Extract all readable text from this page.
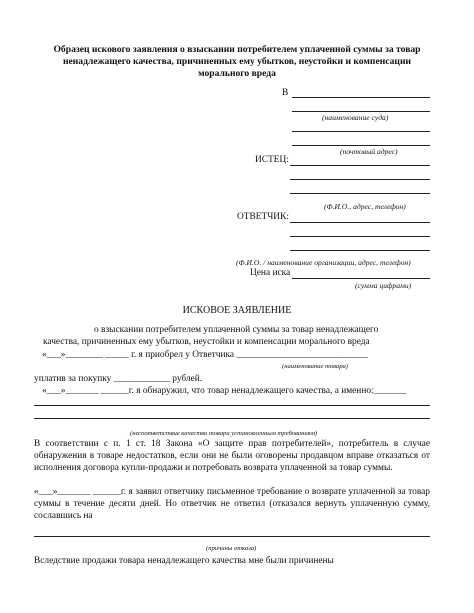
Образец искового заявления о взыскании потребителем уплаченной суммы за товар
ненадлежащего качества, причиненных ему убытков, неустойки и компенсации
морального вреда
В
(наименование суда)
(почтовый адрес)
ИСТЕЦ:
(Ф.И.О., адрес, телефон)
ОТВЕТЧИК:
(Ф.И.О. / наименование организации, адрес, телефон)
Цена иска
(сумма цифрами)
ИСКОВОЕ ЗАЯВЛЕНИЕ
о взыскании потребителем уплаченной суммы за товар ненадлежащего
качества, причиненных ему убытков, неустойки и компенсации морального вреда
«___»________ _____ г. я приобрел у Ответчика ____________________________
(наименование товара)
уплатив за покупку ____________ рублей.
«___»_______ ______г. я обнаружил, что товар ненадлежащего качества, а именно:_______
(несоответствие качества товара установленным требованиям)
В соответствии с п. 1 ст. 18 Закона «О защите прав потребителей», потребитель в случае обнаружения в товаре недостатков, если они не были оговорены продавцом вправе отказаться от исполнения договора купли-продажи и потребовать возврата уплаченной за товар суммы.
«___»_______ ______г. я заявил ответчику письменное требование о возврате уплаченной за товар суммы в течение десяти дней. Но ответчик не ответил (отказался вернуть уплаченную сумму, сославшись на
(причины отказа)
Вследствие продажи товара ненадлежащего качества мне были причинены
